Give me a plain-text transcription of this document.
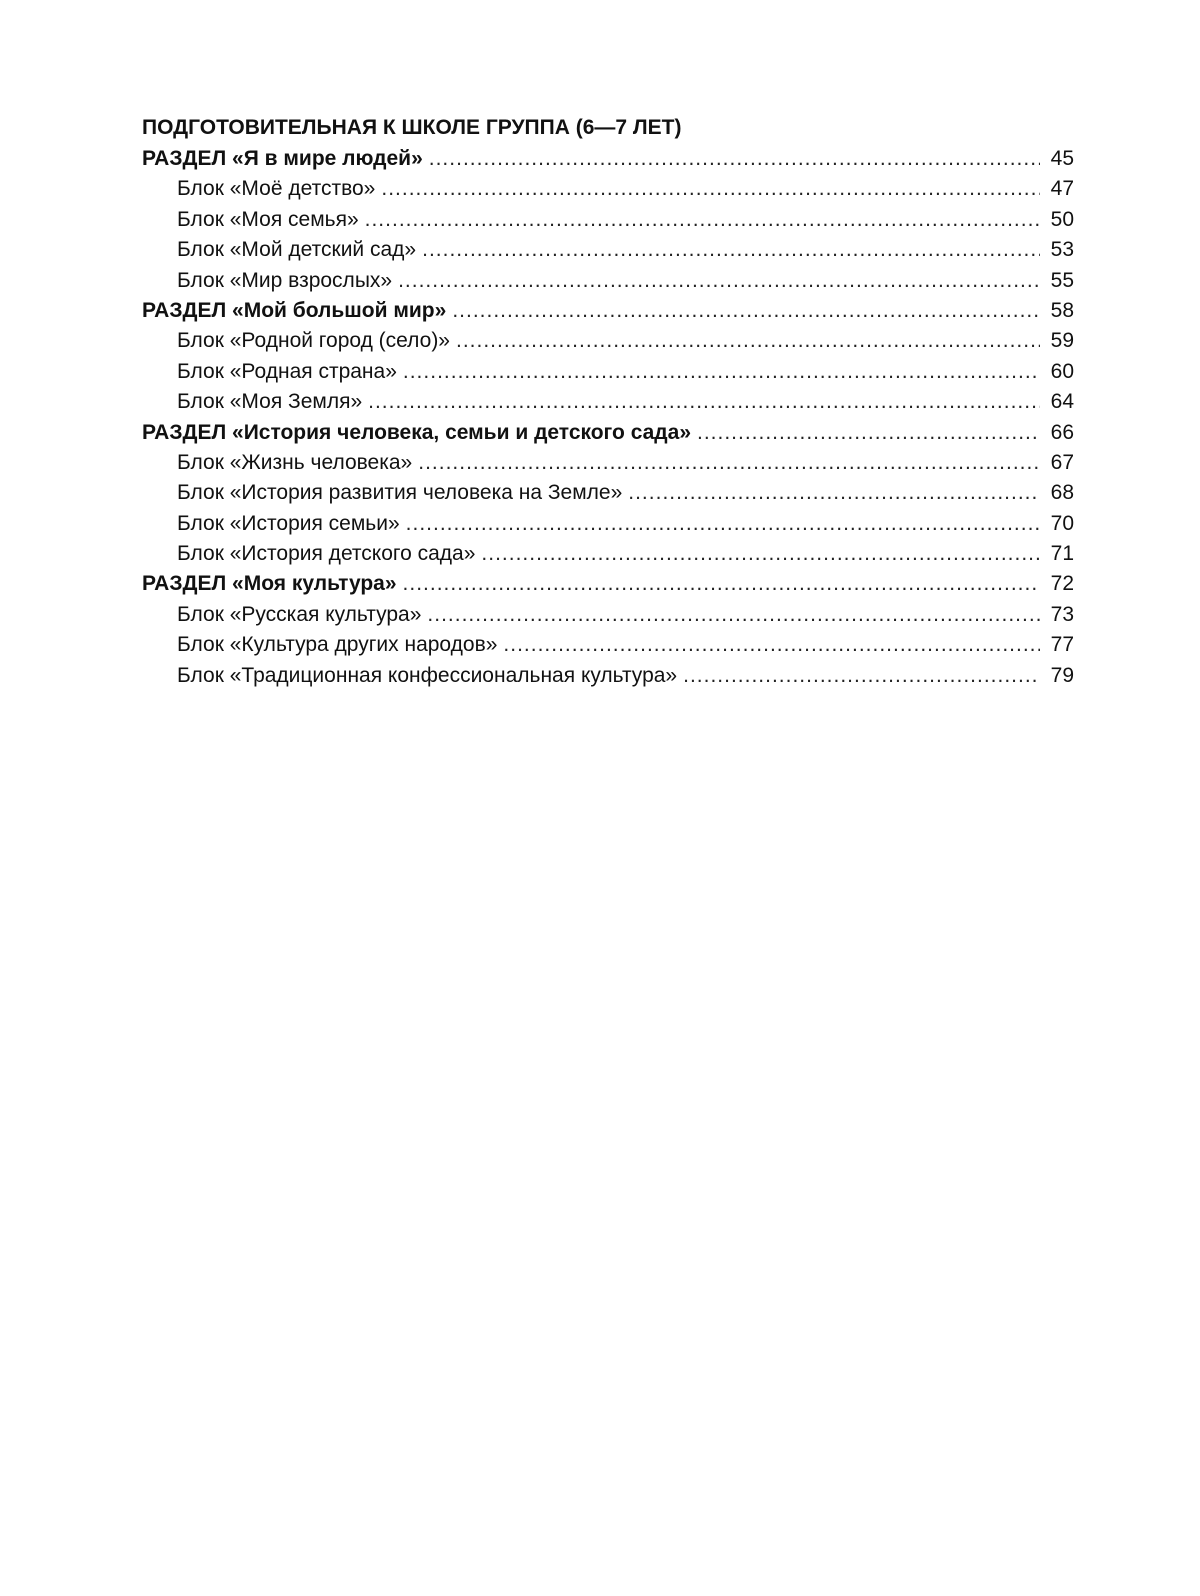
ПОДГОТОВИТЕЛЬНАЯ К ШКОЛЕ ГРУППА (6—7 ЛЕТ)
РАЗДЕЛ «Я в мире людей» .....	45
Блок «Моё детство» .....	47
Блок «Моя семья» .....	50
Блок «Мой детский сад» .....	53
Блок «Мир взрослых» .....	55
РАЗДЕЛ «Мой большой мир» .....	58
Блок «Родной город (село)» .....	59
Блок «Родная страна» .....	60
Блок «Моя Земля» .....	64
РАЗДЕЛ «История человека, семьи и детского сада» .....	66
Блок «Жизнь человека» .....	67
Блок «История развития человека на Земле» .....	68
Блок «История семьи» .....	70
Блок «История детского сада» .....	71
РАЗДЕЛ «Моя культура» .....	72
Блок «Русская культура» .....	73
Блок «Культура других народов» .....	77
Блок «Традиционная конфессиональная культура» .....	79
